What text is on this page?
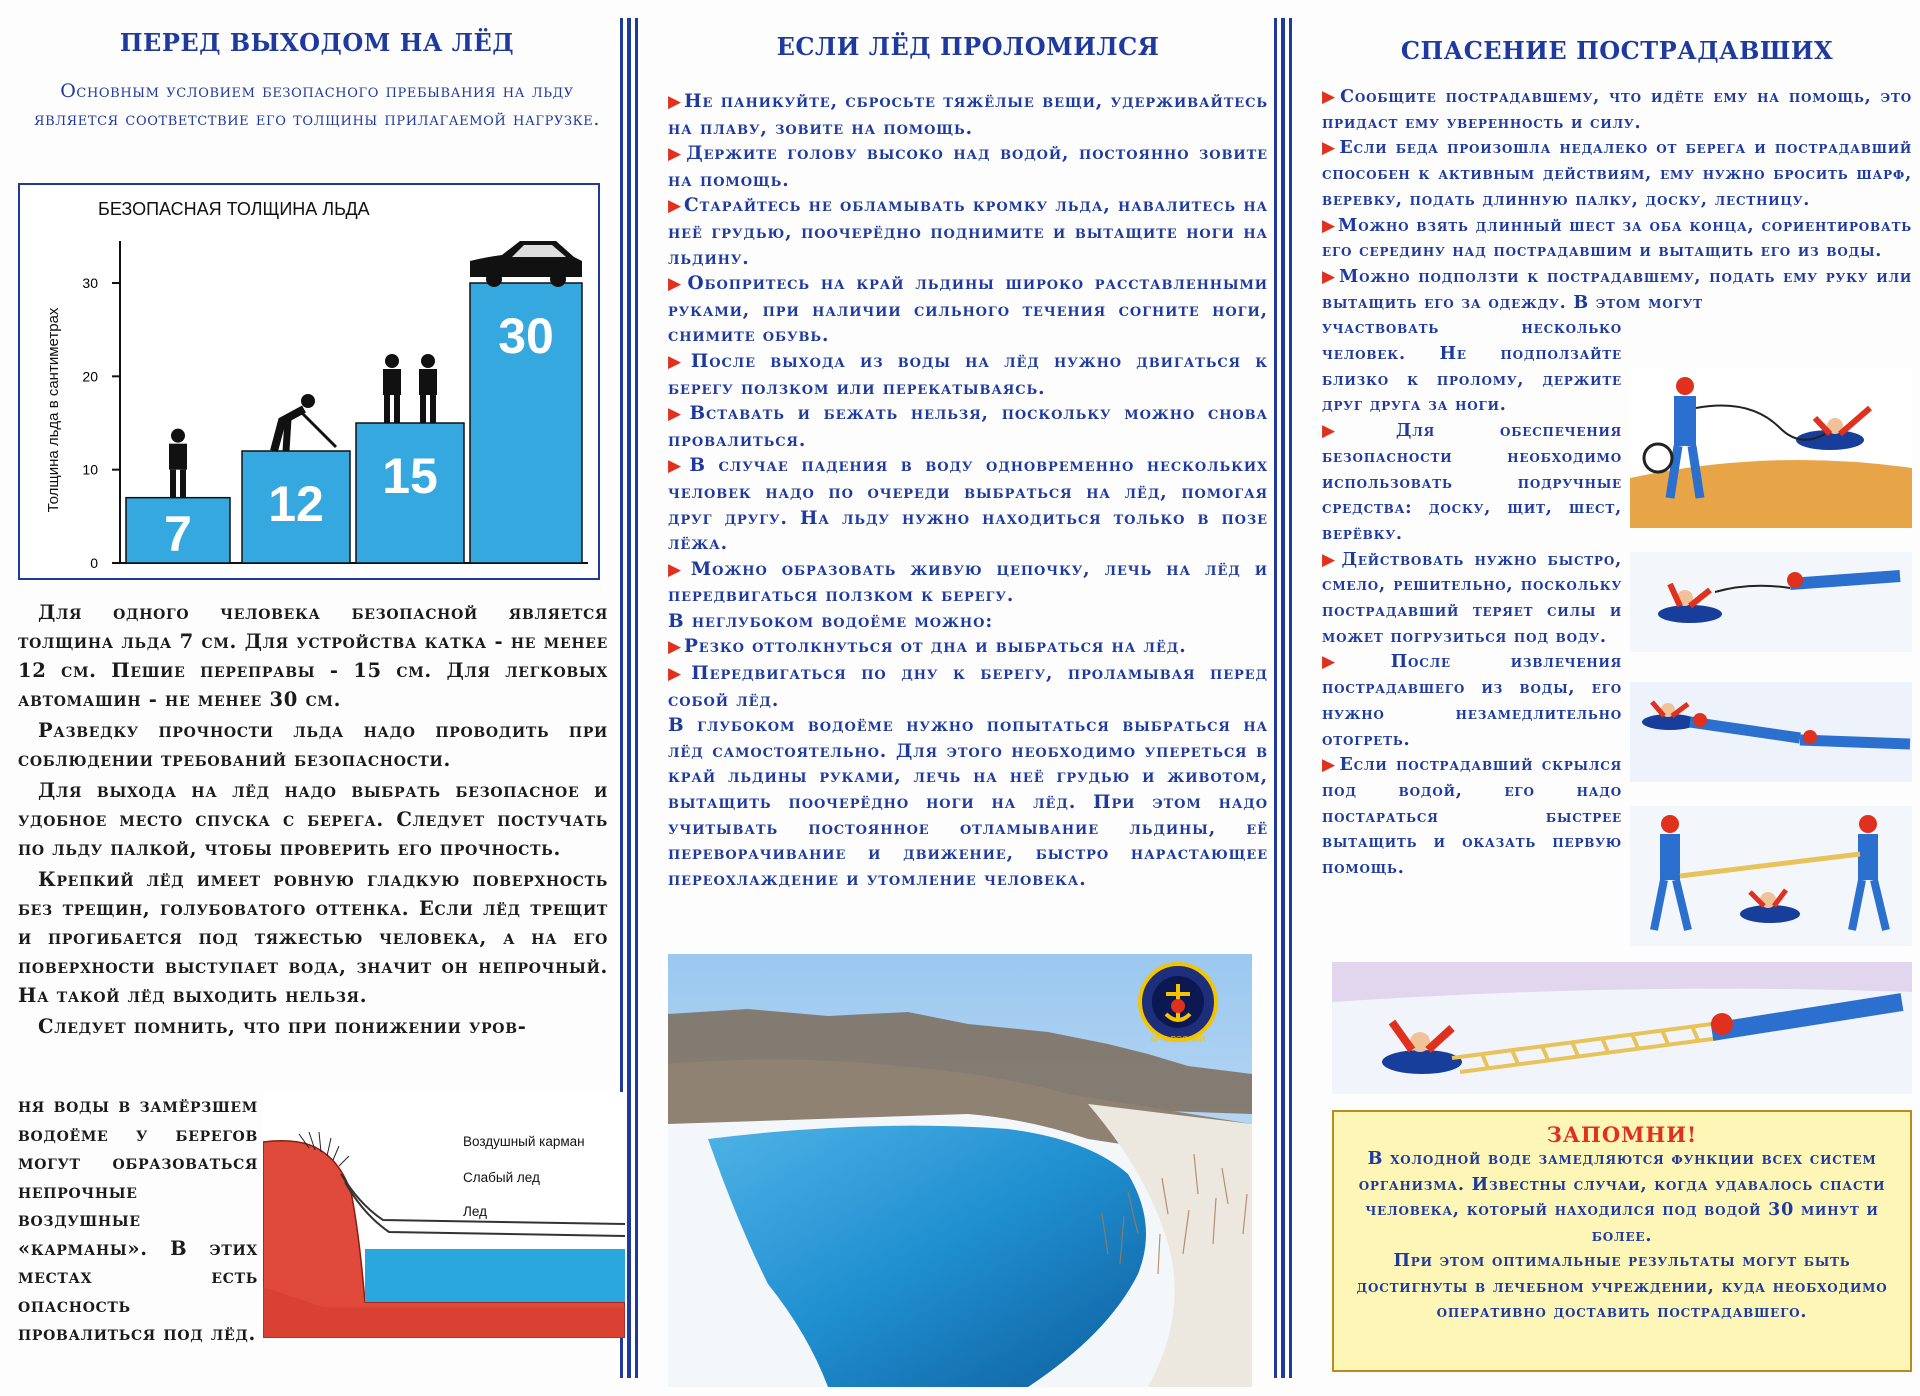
ПЕРЕД ВЫХОДОМ НА ЛЁД
Основным условием безопасного пребывания на льду является соответствие его толщины прилагаемой нагрузке.
БЕЗОПАСНАЯ ТОЛЩИНА ЛЬДА
Толщина льда в сантиметрах
0
10
20
30
7
12 15
30

Для одного человека безопасной является толщина льда 7 см. Для устройства катка - не менее 12 см. Пешие переправы - 15 см. Для легковых автомашин - не менее 30 см.

Разведку прочности льда надо проводить при соблюдении требований безопасности.

Для выхода на лёд надо выбрать безопасное и удобное место спуска с берега. Следует постучать по льду палкой, чтобы проверить его прочность.

Крепкий лёд имеет ровную гладкую поверхность без трещин, голубоватого оттенка. Если лёд трещит и прогибается под тяжестью человека, а на его поверхности выступает вода, значит он непрочный. На такой лёд выходить нельзя.

Следует помнить, что при понижении уров-

ня воды в замёрзшем водоёме у берегов могут образоваться непрочные воздушные «карманы». В этих местах есть опасность провалиться под лёд.
Воздушный карман
Слабый лед
Лед
ЕСЛИ ЛЁД ПРОЛОМИЛСЯ

▶ Не паникуйте, сбросьте тяжёлые вещи, удерживайтесь на плаву, зовите на помощь.

▶ Держите голову высоко над водой, постоянно зовите на помощь.

▶ Старайтесь не обламывать кромку льда, навалитесь на неё грудью, поочерёдно поднимите и вытащите ноги на льдину.

▶ Обопритесь на край льдины широко расставленными руками, при наличии сильного течения согните ноги, снимите обувь.

▶ После выхода из воды на лёд нужно двигаться к берегу ползком или перекатываясь.

▶ Вставать и бежать нельзя, поскольку можно снова провалиться.

▶ В случае падения в воду одновременно нескольких человек надо по очереди выбраться на лёд, помогая друг другу. На льду нужно находиться только в позе лёжа.

▶ Можно образовать живую цепочку, лечь на лёд и передвигаться ползком к берегу.

В неглубоком водоёме можно:

▶ Резко оттолкнуться от дна и выбраться на лёд.

▶ Передвигаться по дну к берегу, проламывая перед собой лёд.

В глубоком водоёме нужно попытаться выбраться на лёд самостоятельно. Для этого необходимо упереться в край льдины руками, лечь на неё грудью и животом, вытащить поочерёдно ноги на лёд. При этом надо учитывать постоянное отламывание льдины, её переворачивание и движение, быстро нарастающее переохлаждение и утомление человека.

МЧС РОССИИ
СПАСЕНИЕ ПОСТРАДАВШИХ

▶ Сообщите пострадавшему, что идёте ему на помощь, это придаст ему уверенность и силу.

▶ Если беда произошла недалеко от берега и пострадавший способен к активным действиям, ему нужно бросить шарф, веревку, подать длинную палку, доску, лестницу.

▶ Можно взять длинный шест за оба конца, сориентировать его середину над пострадавшим и вытащить его из воды.

▶ Можно подползти к пострадавшему, подать ему руку или вытащить его за одежду. В этом могут

участвовать несколько человек. Не подползайте близко к пролому, держите друг друга за ноги.

▶ Для обеспечения безопасности необходимо использовать подручные средства: доску, щит, шест, верёвку.

▶ Действовать нужно быстро, смело, решительно, поскольку пострадавший теряет силы и может погрузиться под воду.

▶ После извлечения пострадавшего из воды, его нужно незамедлительно отогреть.

▶ Если пострадавший скрылся под водой, его надо постараться быстрее вытащить и оказать первую помощь.

ЗАПОМНИ!

В холодной воде замедляются функции всех систем организма. Известны случаи, когда удавалось спасти человека, который находился под водой 30 минут и более.

При этом оптимальные результаты могут быть достигнуты в лечебном учреждении, куда необходимо оперативно доставить пострадавшего.
